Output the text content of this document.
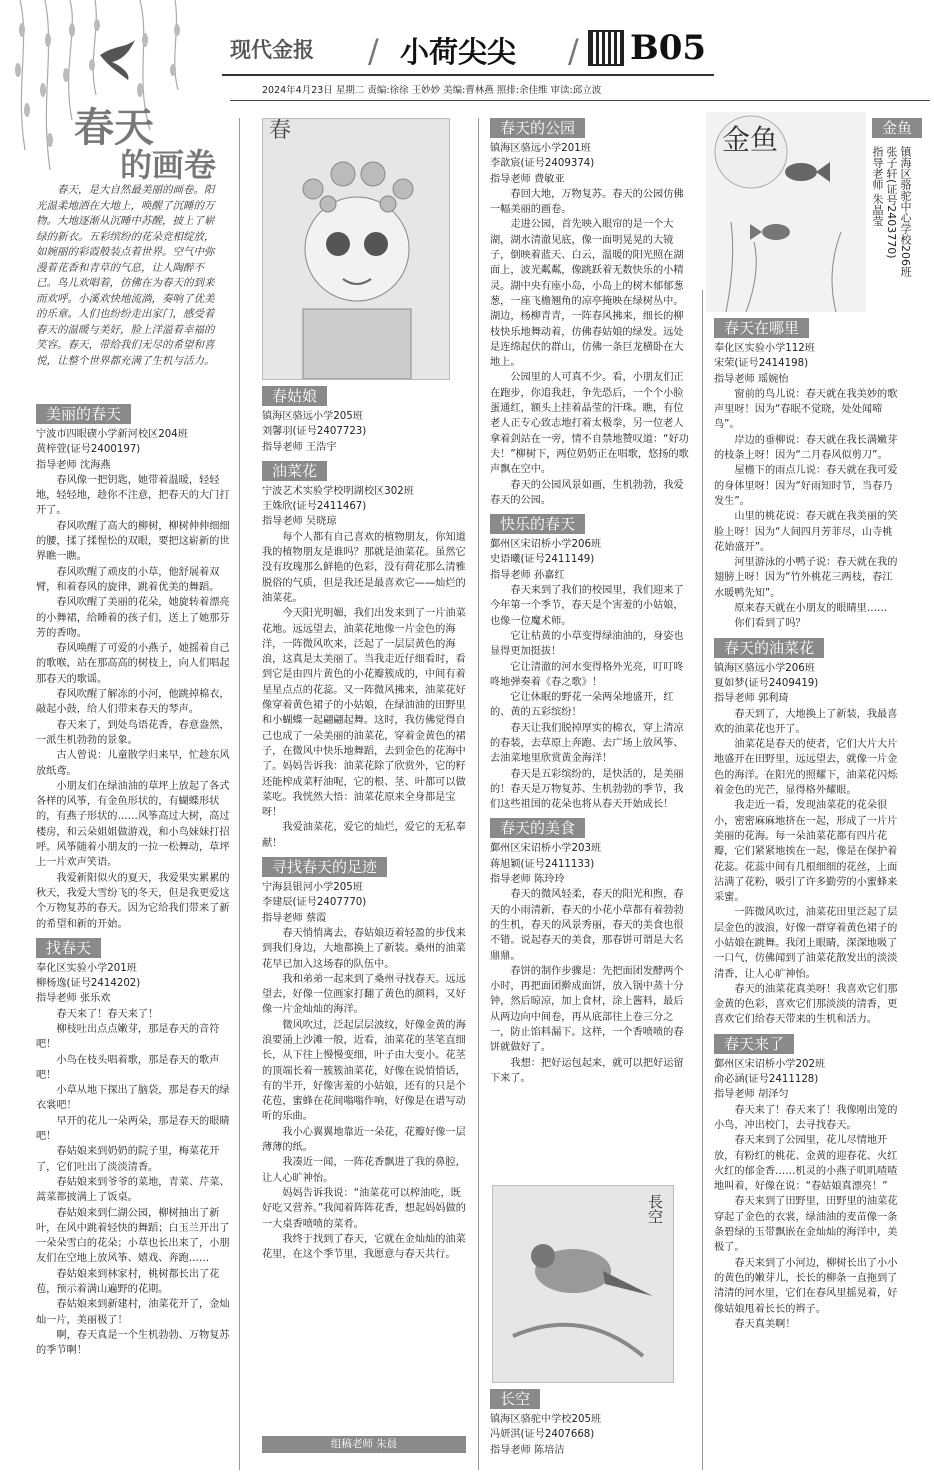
现代金报 / 小荷尖尖 / B05
2024年4月23日 星期二 责编:徐徐 王妙妙 美编:曹林燕 照排:余佳维 审读:邱立波
春天
的画卷

春天，是大自然最美丽的画卷。阳光温柔地洒在大地上，唤醒了沉睡的万物。大地逐渐从沉睡中苏醒，披上了崭绿的新衣。五彩缤纷的花朵竞相绽放，如婉丽的彩霞般装点着世界。空气中弥漫着花香和青草的气息，让人陶醉不已。鸟儿欢唱着，仿佛在为春天的到来而欢呼。小溪欢快地流淌，奏响了优美的乐章。人们也纷纷走出家门，感受着春天的温暖与美好，脸上洋溢着幸福的笑容。春天，带给我们无尽的希望和喜悦，让整个世界都充满了生机与活力。

美丽的春天

宁波市四眼碶小学新河校区204班

黄梓萱(证号2400197)

指导老师 沈海燕

春风像一把钥匙，她带着温暖，轻轻地，轻轻地，趁你不注意，把春天的大门打开了。

春风吹醒了高大的柳树，柳树伸伸细细的腰，揉了揉惺忪的双眼，要把这崭新的世界瞧一瞧。

春风吹醒了顽皮的小草，他舒展着双臂，和着春风的旋律，跳着优美的舞蹈。

春风吹醒了美丽的花朵，她旋转着漂亮的小舞裙，给睡着的孩子们，送上了她那芬芳的香吻。

春风唤醒了可爱的小燕子，她摇着自己的歌喉，站在那高高的树枝上，向人们唱起那春天的歌谣。

春风吹醒了解冻的小河，他跳掉棉衣，敲起小鼓，给人们带来春天的琴声。

春天来了，到处鸟语花香，春意盎然，一派生机勃勃的景象。

古人曾说：儿童散学归来早，忙趁东风放纸鸢。

小朋友们在绿油油的草坪上放起了各式各样的风筝，有金鱼形状的，有蝴蝶形状的，有燕子形状的……风筝高过大树，高过楼房，和云朵姐姐做游戏，和小鸟妹妹打招呼。风筝随着小朋友的一拉一松舞动，草坪上一片欢声笑语。

我爱新阳似火的夏天，我爱果实累累的秋天，我爱大雪纷飞的冬天，但是我更爱这个万物复苏的春天。因为它给我们带来了新的希望和新的开始。

找春天

奉化区实验小学201班

柳杨逸(证号2414202)

指导老师 张乐欢

春天来了！春天来了！

柳枝吐出点点嫩芽，那是春天的音符吧！

小鸟在枝头唱着歌，那是春天的歌声吧！

小草从地下探出了脑袋，那是春天的绿衣裳吧！

早开的花儿一朵两朵，那是春天的眼睛吧！

春姑娘来到奶奶的院子里，梅菜花开了，它们吐出了淡淡清香。

春姑娘来到爷爷的菜地，青菜、芹菜、蒿菜都披满上了饭桌。

春姑娘来到仁湖公园，柳树抽出了新叶，在风中跳着轻快的舞蹈；白玉兰开出了一朵朵雪白的花朵；小草也长出来了，小朋友们在空地上放风筝、嬉戏、奔跑……

春姑娘来到林家村，桃树都长出了花苞，预示着满山遍野的花期。

春姑娘来到新建村，油菜花开了，金灿灿一片，美丽极了！

啊，春天真是一个生机勃勃、万物复苏的季节啊！

春
春姑娘

镇海区骆远小学205班

刘馨羽(证号2407723)

指导老师 王浩宇

油菜花

宁波艺术实验学校明湖校区302班

王姝欣(证号2411467)

指导老师 吴晓琼

每个人都有自己喜欢的植物朋友，你知道我的植物朋友是谁吗？那就是油菜花。虽然它没有玫瑰那么鲜艳的色彩，没有荷花那么清雅脱俗的气质，但是我还是最喜欢它——灿烂的油菜花。

今天阳光明媚，我们出发来到了一片油菜花地。远远望去，油菜花地像一片金色的海洋，一阵微风吹来，泛起了一层层黄色的海浪，这真是太美丽了。当我走近仔细看时，看到它是由四片黄色的小花瓣簇成的，中间有着星星点点的花蕊。又一阵微风拂来，油菜花好像穿着黄色裙子的小姑娘，在绿油油的田野里和小蝴蝶一起翩翩起舞。这时，我仿佛觉得自己也成了一朵美丽的油菜花，穿着金黄色的裙子，在微风中快乐地舞蹈，去到金色的花海中了。妈妈告诉我：油菜花除了欣赏外，它的籽还能榨成菜籽油呢，它的根、茎、叶都可以做菜吃。我恍然大悟：油菜花原来全身都是宝呀！

我爱油菜花，爱它的灿烂，爱它的无私奉献！

寻找春天的足迹

宁海县银河小学205班

李建辰(证号2407770)

指导老师 蔡霞

春天悄悄离去，春姑娘迈着轻盈的步伐来到我们身边，大地都换上了新装。桑州的油菜花早已加入这场春的队伍中。

我和弟弟一起来到了桑州寻找春天。远远望去，好像一位画家打翻了黄色的颜料，又好像一片金灿灿的海洋。

微风吹过，泛起层层波纹，好像金黄的海浪要涌上沙滩一般，近看，油菜花的茎笔直细长，从下往上慢慢变细，叶子由大变小。花茎的顶端长着一簇簇油菜花，好像在说悄悄话，有的半开，好像害羞的小姑娘，还有的只是个花苞，蜜蜂在花间嗡嗡作响，好像是在谱写动听的乐曲。

我小心翼翼地靠近一朵花，花瓣好像一层薄薄的纸。

我凑近一闻，一阵花香飘进了我的鼻腔，让人心旷神怡。

妈妈告诉我说：“油菜花可以榨油吃，既好吃又营养。”我闻着阵阵花香，想起妈妈做的一大桌香喷喷的菜肴。

我终于找到了春天，它就在金灿灿的油菜花里，在这个季节里，我愿意与春天共行。

组稿老师 朱晨
春天的公园

镇海区骆远小学201班

李歆宸(证号2409374)

指导老师 费敏亚

春回大地，万物复苏。春天的公园仿佛一幅美丽的画卷。

走进公园，首先映入眼帘的是一个大湖，湖水清澈见底，像一面明晃晃的大镜子，倒映着蓝天、白云，温暖的阳光照在湖面上，波光粼粼，像跳跃着无数快乐的小精灵。湖中央有座小岛，小岛上的树木郁郁葱葱，一座飞檐翘角的凉亭掩映在绿树丛中。湖边，杨柳青青，一阵春风拂来，细长的柳枝快乐地舞动着，仿佛春姑娘的绿发。远处是连绵起伏的群山，仿佛一条巨龙横卧在大地上。

公园里的人可真不少。看，小朋友们正在跑步，你追我赶，争先恐后，一个个小脸蛋通红，额头上挂着晶莹的汗珠。瞧，有位老人正专心致志地打着太极拳，另一位老人拿着剑站在一旁，情不自禁地赞叹道：“好功夫！”柳树下，两位奶奶正在唱歌，悠扬的歌声飘在空中。

春天的公园风景如画，生机勃勃，我爱春天的公园。

快乐的春天

鄞州区宋诏桥小学206班

史语曦(证号2411149)

指导老师 孙嘉红

春天来到了我们的校园里，我们迎来了今年第一个季节，春天是个害羞的小姑娘，也像一位魔术师。

它让枯黄的小草变得绿油油的，身姿也显得更加挺拔！

它让清澈的河水变得格外光亮，叮叮咚咚地弹奏着《春之歌》！

它让休眠的野花一朵两朵地盛开，红的、黄的五彩缤纷！

春天让我们脱掉厚实的棉衣，穿上清凉的春装，去草原上奔跑、去广场上放风筝、去油菜地里欣赏黄金海洋！

春天是五彩缤纷的，是快活的，是美丽的！春天是万物复苏、生机勃勃的季节，我们这些祖国的花朵也将从春天开始成长！

春天的美食

鄞州区宋诏桥小学203班

蒋旭颖(证号2411133)

指导老师 陈玲玲

春天的微风轻柔，春天的阳光和煦，春天的小雨清新，春天的小花小草都有着勃勃的生机，春天的风景秀丽，春天的美食也很不错。说起春天的美食，那春饼可谓是大名鼎鼎。

春饼的制作步骤是：先把面团发酵两个小时，再把面团擀成面饼，放入锅中蒸十分钟，然后晾凉，加上食材，涂上酱料，最后从两边向中间卷，再从底部往上卷三分之一，防止馅料漏下。这样，一个香喷喷的春饼就做好了。

我想：把好运包起来，就可以把好运留下来了。

長空
长空

镇海区骆驼中学校205班

冯妍淇(证号2407668)

指导老师 陈培洁

金鱼	金鱼
镇海区骆驼中心学校206班
张子轩(证号2403770)
指导老师 朱晶莹
春天在哪里

奉化区实验小学112班

宋荣(证号2414198)

指导老师 瑶婉怡

窗前的鸟儿说：春天就在我美妙的歌声里呀！因为“春眠不觉晓，处处闻啼鸟”。

岸边的垂柳说：春天就在我长满嫩芽的枝条上呀！因为“二月春风似剪刀”。

屋檐下的雨点儿说：春天就在我可爱的身体里呀！因为“好雨知时节，当春乃发生”。

山里的桃花说：春天就在我美丽的笑脸上呀！因为“人间四月芳菲尽，山寺桃花始盛开”。

河里游泳的小鸭子说：春天就在我的翅膀上呀！因为“竹外桃花三两枝，春江水暖鸭先知”。

原来春天就在小朋友的眼睛里……

你们看到了吗？

春天的油菜花

镇海区骆远小学206班

夏如梦(证号2409419)

指导老师 郭利琦

春天到了，大地换上了新装，我最喜欢的油菜花也开了。

油菜花是春天的使者，它们大片大片地盛开在田野里，远远望去，就像一片金色的海洋。在阳光的照耀下，油菜花闪烁着金色的光芒，显得格外耀眼。

我走近一看，发现油菜花的花朵很小，密密麻麻地挤在一起，形成了一片片美丽的花海。每一朵油菜花都有四片花瓣，它们紧紧地挨在一起，像是在保护着花蕊。花蕊中间有几根细细的花丝，上面沾满了花粉，吸引了许多勤劳的小蜜蜂来采蜜。

一阵微风吹过，油菜花田里泛起了层层金色的波浪，好像一群穿着黄色裙子的小姑娘在跳舞。我闭上眼睛，深深地吸了一口气，仿佛闻到了油菜花散发出的淡淡清香，让人心旷神怡。

春天的油菜花真美呀！我喜欢它们那金黄的色彩，喜欢它们那淡淡的清香，更喜欢它们给春天带来的生机和活力。

春天来了

鄞州区宋诏桥小学202班

俞必涵(证号2411128)

指导老师 胡泽匀

春天来了！春天来了！我像刚出笼的小鸟，冲出校门，去寻找春天。

春天来到了公园里，花儿尽情地开放，有粉红的桃花、金黄的迎春花、火红火红的郁金香……机灵的小燕子叽叽喳喳地叫着，好像在说：“春姑娘真漂亮！”

春天来到了田野里，田野里的油菜花穿起了金色的衣裳，绿油油的麦苗像一条条碧绿的玉带飘嵌在金灿灿的海洋中，美极了。

春天来到了小河边，柳树长出了小小的黄色的嫩芽儿，长长的柳条一直拖到了清清的河水里，它们在春风里摇晃着，好像姑娘甩着长长的辫子。

春天真美啊！
